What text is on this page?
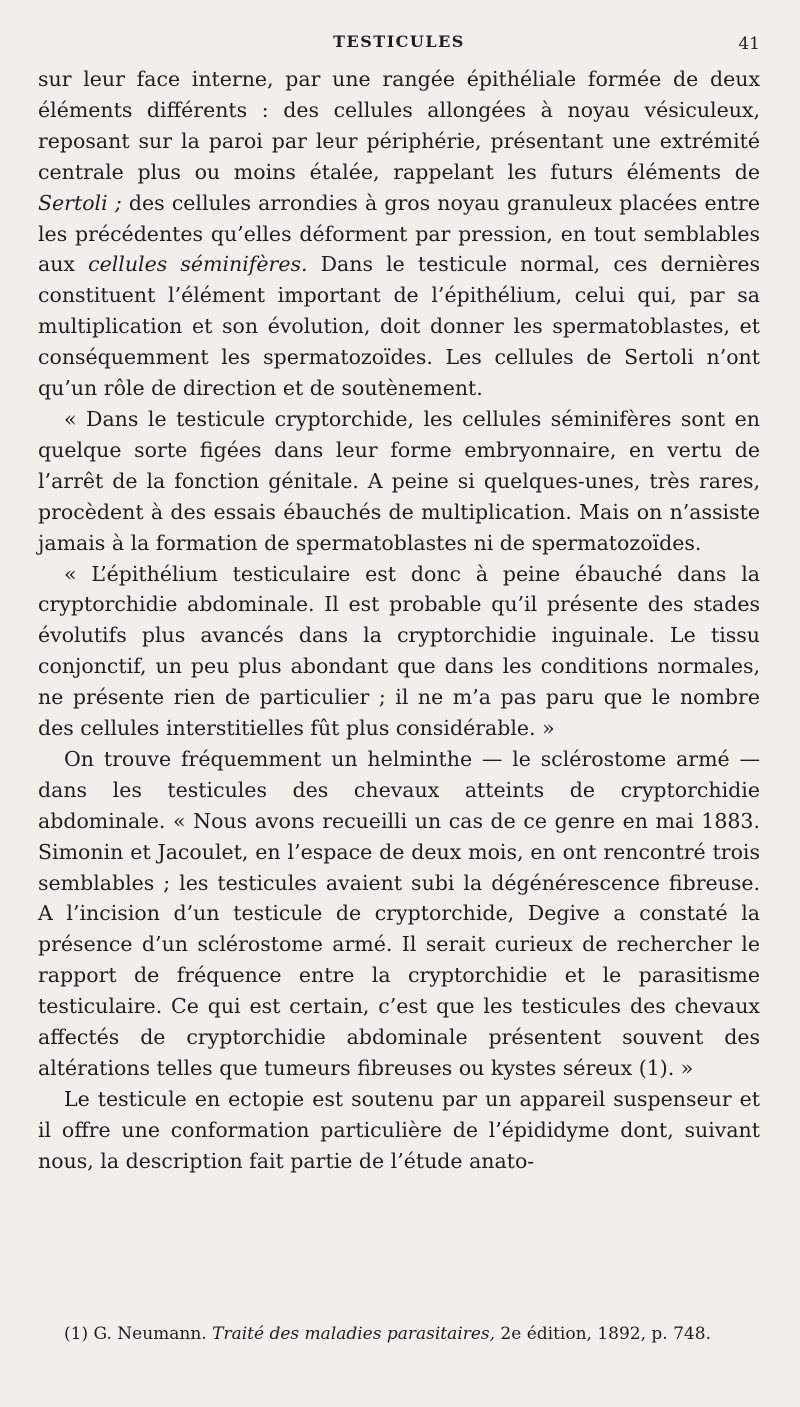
TESTICULES	41

sur leur face interne, par une rangée épithéliale formée de deux éléments différents : des cellules allongées à noyau vésiculeux, reposant sur la paroi par leur périphérie, présentant une extrémité centrale plus ou moins étalée, rappelant les futurs éléments de Sertoli ; des cellules arrondies à gros noyau granuleux placées entre les précédentes qu’elles déforment par pression, en tout semblables aux cellules séminifères. Dans le testicule normal, ces dernières constituent l’élément important de l’épithélium, celui qui, par sa multiplication et son évolution, doit donner les spermatoblastes, et conséquemment les spermatozoïdes. Les cellules de Sertoli n’ont qu’un rôle de direction et de soutènement.

« Dans le testicule cryptorchide, les cellules séminifères sont en quelque sorte figées dans leur forme embryonnaire, en vertu de l’arrêt de la fonction génitale. A peine si quelques-unes, très rares, procèdent à des essais ébauchés de multiplication. Mais on n’assiste jamais à la formation de spermatoblastes ni de spermatozoïdes.

« L’épithélium testiculaire est donc à peine ébauché dans la cryptorchidie abdominale. Il est probable qu’il présente des stades évolutifs plus avancés dans la cryptorchidie inguinale. Le tissu conjonctif, un peu plus abondant que dans les conditions normales, ne présente rien de particulier ; il ne m’a pas paru que le nombre des cellules interstitielles fût plus considérable. »

On trouve fréquemment un helminthe — le sclérostome armé — dans les testicules des chevaux atteints de cryptorchidie abdominale. « Nous avons recueilli un cas de ce genre en mai 1883. Simonin et Jacoulet, en l’espace de deux mois, en ont rencontré trois semblables ; les testicules avaient subi la dégénérescence fibreuse. A l’incision d’un testicule de cryptorchide, Degive a constaté la présence d’un sclérostome armé. Il serait curieux de rechercher le rapport de fréquence entre la cryptorchidie et le parasitisme testiculaire. Ce qui est certain, c’est que les testicules des chevaux affectés de cryptorchidie abdominale présentent souvent des altérations telles que tumeurs fibreuses ou kystes séreux (1). »

Le testicule en ectopie est soutenu par un appareil suspenseur et il offre une conformation particulière de l’épididyme dont, suivant nous, la description fait partie de l’étude anato-

(1) G. Neumann. Traité des maladies parasitaires, 2e édition, 1892, p. 748.
